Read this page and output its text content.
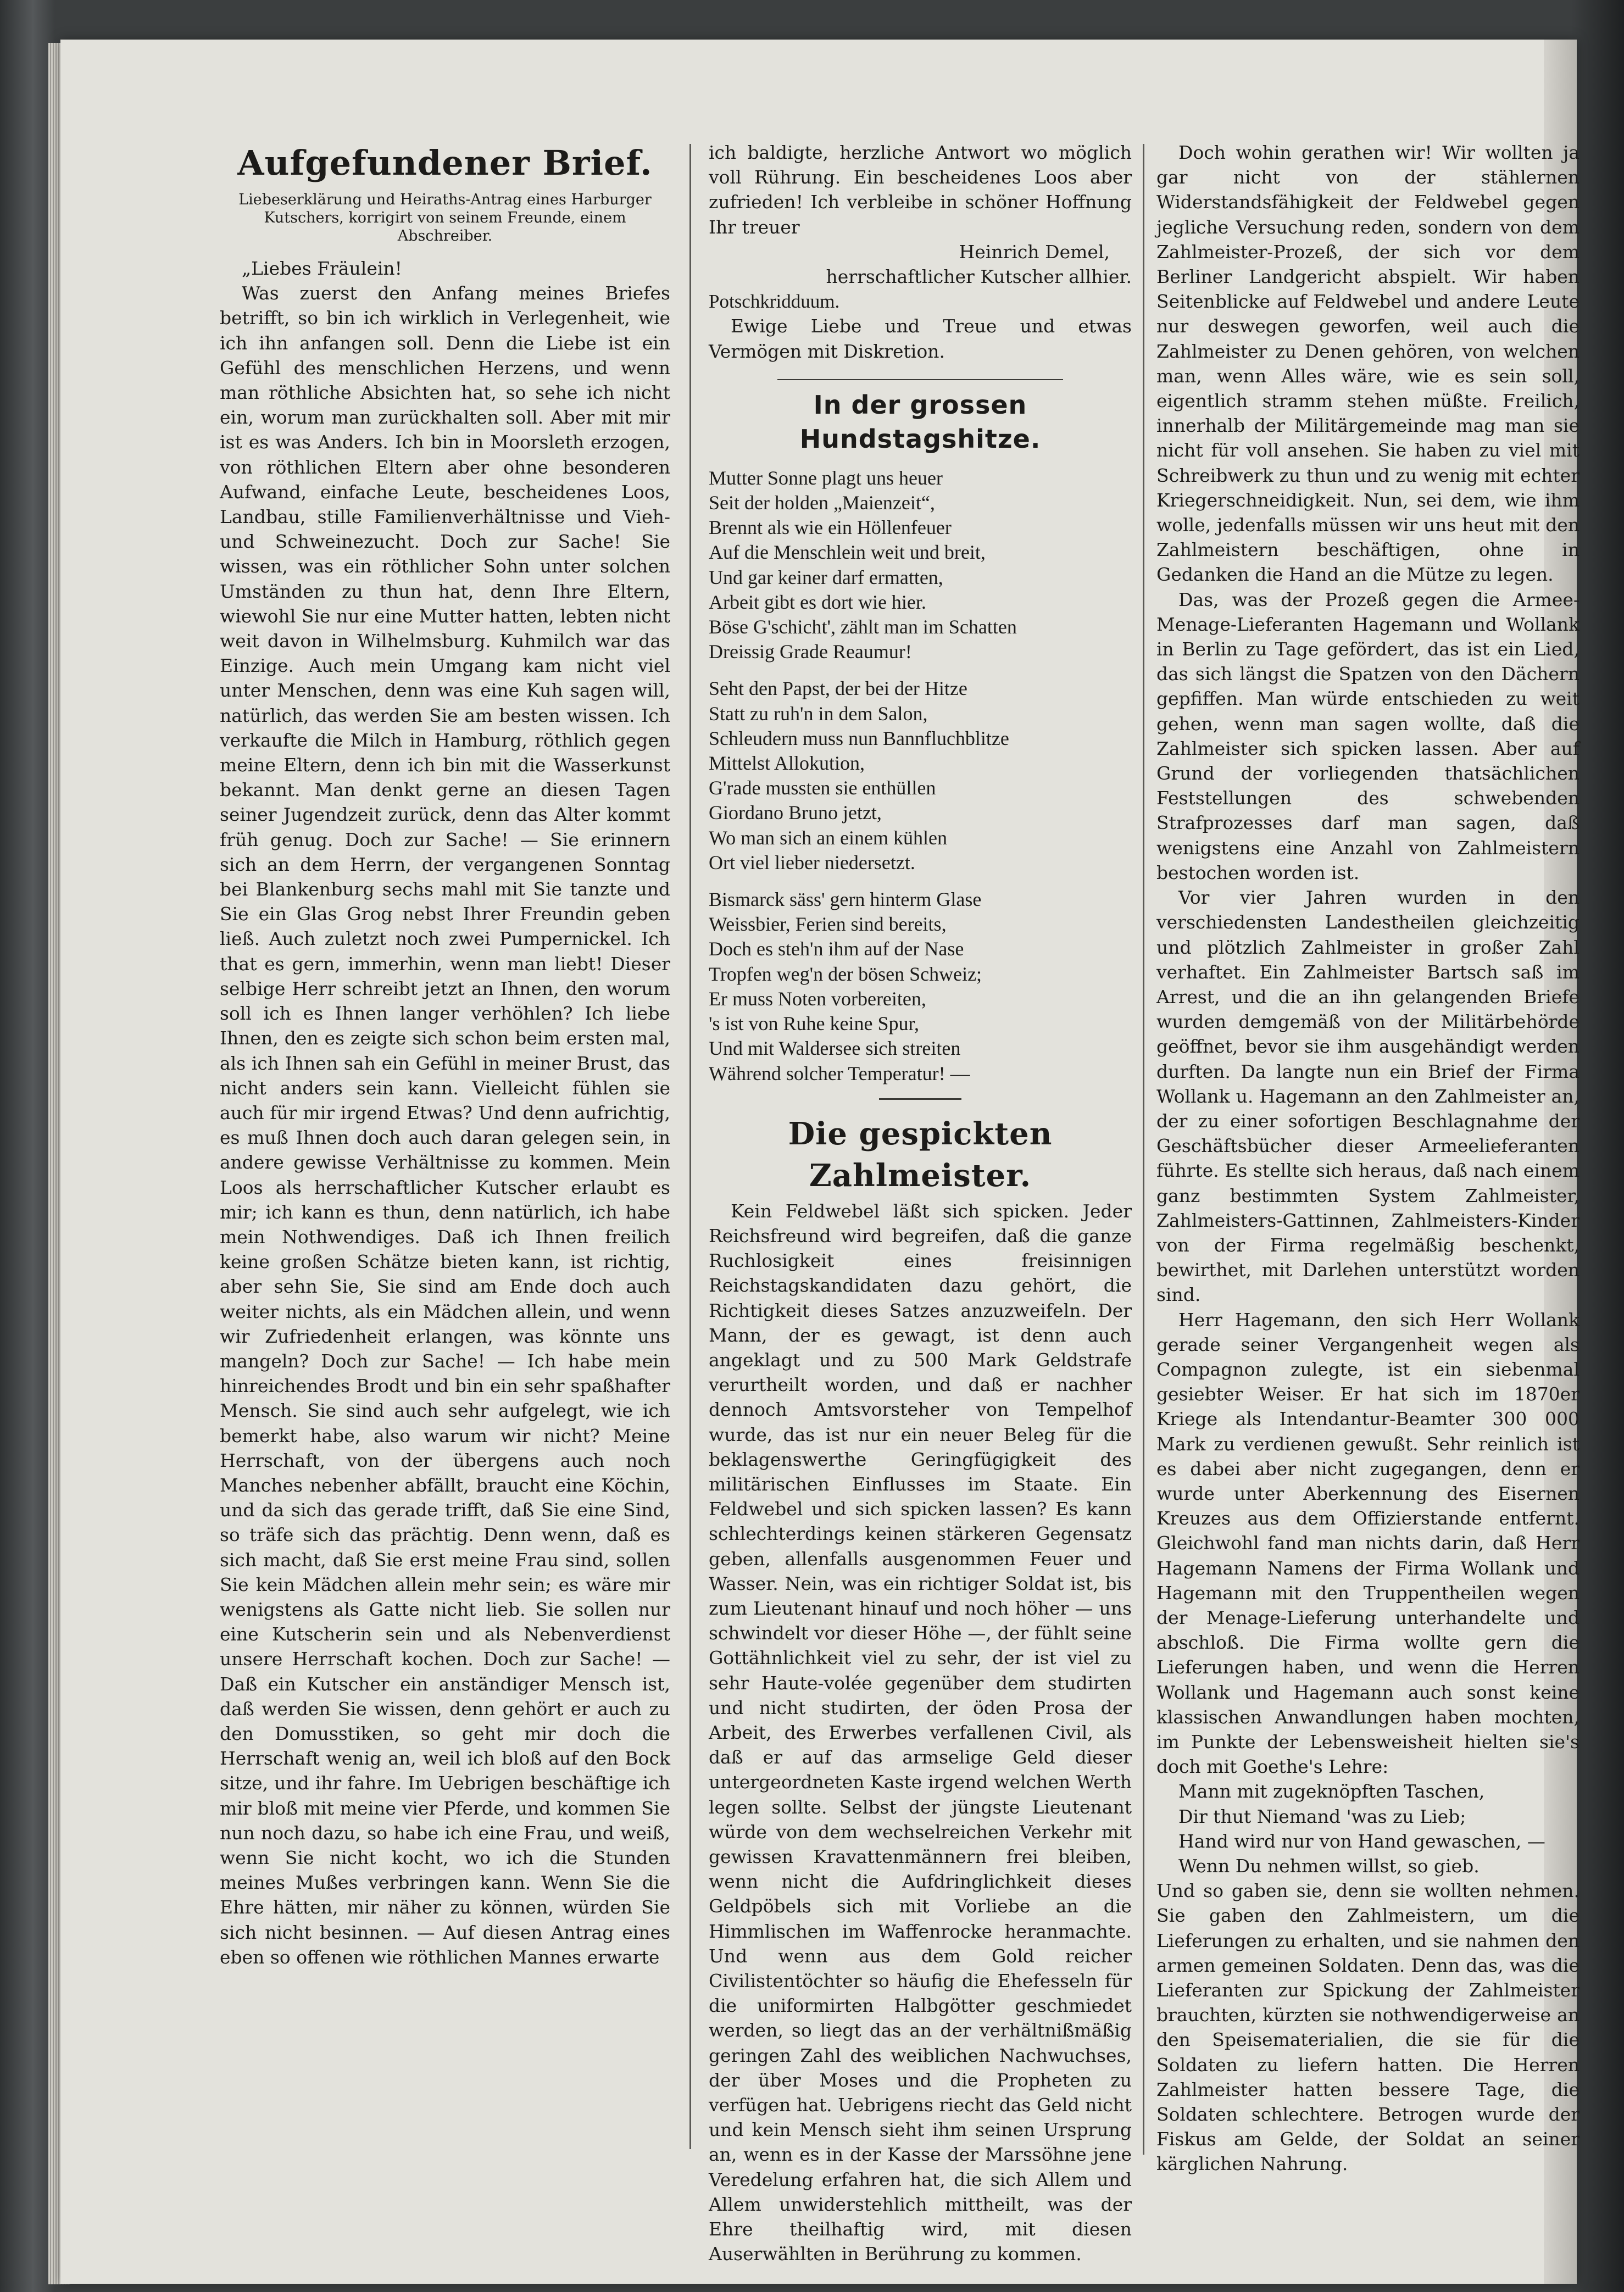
Aufgefundener Brief.
Liebeserklärung und Heiraths-Antrag eines Harburger Kutschers, korrigirt von seinem Freunde, einem Abschreiber.

„Liebes Fräulein!

Was zuerst den Anfang meines Briefes betrifft, so bin ich wirklich in Verlegenheit, wie ich ihn anfangen soll. Denn die Liebe ist ein Gefühl des menschlichen Herzens, und wenn man röthliche Absichten hat, so sehe ich nicht ein, worum man zurückhalten soll. Aber mit mir ist es was Anders. Ich bin in Moorsleth erzogen, von röthlichen Eltern aber ohne besonderen Aufwand, einfache Leute, bescheidenes Loos, Landbau, stille Familienverhältnisse und Vieh- und Schweinezucht. Doch zur Sache! Sie wissen, was ein röthlicher Sohn unter solchen Umständen zu thun hat, denn Ihre Eltern, wiewohl Sie nur eine Mutter hatten, lebten nicht weit davon in Wilhelmsburg. Kuhmilch war das Einzige. Auch mein Umgang kam nicht viel unter Menschen, denn was eine Kuh sagen will, natürlich, das werden Sie am besten wissen. Ich verkaufte die Milch in Hamburg, röthlich gegen meine Eltern, denn ich bin mit die Wasserkunst bekannt. Man denkt gerne an diesen Tagen seiner Jugendzeit zurück, denn das Alter kommt früh genug. Doch zur Sache! — Sie erinnern sich an dem Herrn, der vergangenen Sonntag bei Blankenburg sechs mahl mit Sie tanzte und Sie ein Glas Grog nebst Ihrer Freundin geben ließ. Auch zuletzt noch zwei Pumpernickel. Ich that es gern, immerhin, wenn man liebt! Dieser selbige Herr schreibt jetzt an Ihnen, den worum soll ich es Ihnen langer verhöhlen? Ich liebe Ihnen, den es zeigte sich schon beim ersten mal, als ich Ihnen sah ein Gefühl in meiner Brust, das nicht anders sein kann. Vielleicht fühlen sie auch für mir irgend Etwas? Und denn aufrichtig, es muß Ihnen doch auch daran gelegen sein, in andere gewisse Verhältnisse zu kommen. Mein Loos als herrschaftlicher Kutscher erlaubt es mir; ich kann es thun, denn natürlich, ich habe mein Nothwendiges. Daß ich Ihnen freilich keine großen Schätze bieten kann, ist richtig, aber sehn Sie, Sie sind am Ende doch auch weiter nichts, als ein Mädchen allein, und wenn wir Zufriedenheit erlangen, was könnte uns mangeln? Doch zur Sache! — Ich habe mein hinreichendes Brodt und bin ein sehr spaßhafter Mensch. Sie sind auch sehr aufgelegt, wie ich bemerkt habe, also warum wir nicht? Meine Herrschaft, von der übergens auch noch Manches nebenher abfällt, braucht eine Köchin, und da sich das gerade trifft, daß Sie eine Sind, so träfe sich das prächtig. Denn wenn, daß es sich macht, daß Sie erst meine Frau sind, sollen Sie kein Mädchen allein mehr sein; es wäre mir wenigstens als Gatte nicht lieb. Sie sollen nur eine Kutscherin sein und als Nebenverdienst unsere Herrschaft kochen. Doch zur Sache! — Daß ein Kutscher ein anständiger Mensch ist, daß werden Sie wissen, denn gehört er auch zu den Domusstiken, so geht mir doch die Herrschaft wenig an, weil ich bloß auf den Bock sitze, und ihr fahre. Im Uebrigen beschäftige ich mir bloß mit meine vier Pferde, und kommen Sie nun noch dazu, so habe ich eine Frau, und weiß, wenn Sie nicht kocht, wo ich die Stunden meines Mußes verbringen kann. Wenn Sie die Ehre hätten, mir näher zu können, würden Sie sich nicht besinnen. — Auf diesen Antrag eines eben so offenen wie röthlichen Mannes erwarte

ich baldigte, herzliche Antwort wo möglich voll Rührung. Ein bescheidenes Loos aber zufrieden! Ich verbleibe in schöner Hoffnung Ihr treuer

Heinrich Demel,
herrschaftlicher Kutscher allhier.
Potschkridduum.

Ewige Liebe und Treue und etwas Vermögen mit Diskretion.

In der grossen Hundstagshitze.
Mutter Sonne plagt uns heuer
Seit der holden „Maienzeit“,
Brennt als wie ein Höllenfeuer
Auf die Menschlein weit und breit,
Und gar keiner darf ermatten,
Arbeit gibt es dort wie hier.
Böse G'schicht', zählt man im Schatten
Dreissig Grade Reaumur!
Seht den Papst, der bei der Hitze
Statt zu ruh'n in dem Salon,
Schleudern muss nun Bannfluchblitze
Mittelst Allokution,
G'rade mussten sie enthüllen
Giordano Bruno jetzt,
Wo man sich an einem kühlen
Ort viel lieber niedersetzt.
Bismarck säss' gern hinterm Glase
Weissbier, Ferien sind bereits,
Doch es steh'n ihm auf der Nase
Tropfen weg'n der bösen Schweiz;
Er muss Noten vorbereiten,
's ist von Ruhe keine Spur,
Und mit Waldersee sich streiten
Während solcher Temperatur! —
Die gespickten Zahlmeister.

Kein Feldwebel läßt sich spicken. Jeder Reichsfreund wird begreifen, daß die ganze Ruchlosigkeit eines freisinnigen Reichstagskandidaten dazu gehört, die Richtigkeit dieses Satzes anzuzweifeln. Der Mann, der es gewagt, ist denn auch angeklagt und zu 500 Mark Geldstrafe verurtheilt worden, und daß er nachher dennoch Amtsvorsteher von Tempelhof wurde, das ist nur ein neuer Beleg für die beklagenswerthe Geringfügigkeit des militärischen Einflusses im Staate. Ein Feldwebel und sich spicken lassen? Es kann schlechterdings keinen stärkeren Gegensatz geben, allenfalls ausgenommen Feuer und Wasser. Nein, was ein richtiger Soldat ist, bis zum Lieutenant hinauf und noch höher — uns schwindelt vor dieser Höhe —, der fühlt seine Gottähnlichkeit viel zu sehr, der ist viel zu sehr Haute-volée gegenüber dem studirten und nicht studirten, der öden Prosa der Arbeit, des Erwerbes verfallenen Civil, als daß er auf das armselige Geld dieser untergeordneten Kaste irgend welchen Werth legen sollte. Selbst der jüngste Lieutenant würde von dem wechselreichen Verkehr mit gewissen Kravattenmännern frei bleiben, wenn nicht die Aufdringlichkeit dieses Geldpöbels sich mit Vorliebe an die Himmlischen im Waffenrocke heranmachte. Und wenn aus dem Gold reicher Civilistentöchter so häufig die Ehefesseln für die uniformirten Halbgötter geschmiedet werden, so liegt das an der verhältnißmäßig geringen Zahl des weiblichen Nachwuchses, der über Moses und die Propheten zu verfügen hat. Uebrigens riecht das Geld nicht und kein Mensch sieht ihm seinen Ursprung an, wenn es in der Kasse der Marssöhne jene Veredelung erfahren hat, die sich Allem und Allem unwiderstehlich mittheilt, was der Ehre theilhaftig wird, mit diesen Auserwählten in Berührung zu kommen.

Doch wohin gerathen wir! Wir wollten ja gar nicht von der stählernen Widerstandsfähigkeit der Feldwebel gegen jegliche Versuchung reden, sondern von dem Zahlmeister-Prozeß, der sich vor dem Berliner Landgericht abspielt. Wir haben Seitenblicke auf Feldwebel und andere Leute nur deswegen geworfen, weil auch die Zahlmeister zu Denen gehören, von welchen man, wenn Alles wäre, wie es sein soll, eigentlich stramm stehen müßte. Freilich, innerhalb der Militärgemeinde mag man sie nicht für voll ansehen. Sie haben zu viel mit Schreibwerk zu thun und zu wenig mit echter Kriegerschneidigkeit. Nun, sei dem, wie ihm wolle, jedenfalls müssen wir uns heut mit den Zahlmeistern beschäftigen, ohne in Gedanken die Hand an die Mütze zu legen.

Das, was der Prozeß gegen die Armee-Menage-Lieferanten Hagemann und Wollank in Berlin zu Tage gefördert, das ist ein Lied, das sich längst die Spatzen von den Dächern gepfiffen. Man würde entschieden zu weit gehen, wenn man sagen wollte, daß die Zahlmeister sich spicken lassen. Aber auf Grund der vorliegenden thatsächlichen Feststellungen des schwebenden Strafprozesses darf man sagen, daß wenigstens eine Anzahl von Zahlmeistern bestochen worden ist.

Vor vier Jahren wurden in den verschiedensten Landestheilen gleichzeitig und plötzlich Zahlmeister in großer Zahl verhaftet. Ein Zahlmeister Bartsch saß im Arrest, und die an ihn gelangenden Briefe wurden demgemäß von der Militärbehörde geöffnet, bevor sie ihm ausgehändigt werden durften. Da langte nun ein Brief der Firma Wollank u. Hagemann an den Zahlmeister an, der zu einer sofortigen Beschlagnahme der Geschäftsbücher dieser Armeelieferanten führte. Es stellte sich heraus, daß nach einem ganz bestimmten System Zahlmeister, Zahlmeisters-Gattinnen, Zahlmeisters-Kinder von der Firma regelmäßig beschenkt, bewirthet, mit Darlehen unterstützt worden sind.

Herr Hagemann, den sich Herr Wollank gerade seiner Vergangenheit wegen als Compagnon zulegte, ist ein siebenmal gesiebter Weiser. Er hat sich im 1870er Kriege als Intendantur-Beamter 300 000 Mark zu verdienen gewußt. Sehr reinlich ist es dabei aber nicht zugegangen, denn er wurde unter Aberkennung des Eisernen Kreuzes aus dem Offizierstande entfernt. Gleichwohl fand man nichts darin, daß Herr Hagemann Namens der Firma Wollank und Hagemann mit den Truppentheilen wegen der Menage-Lieferung unterhandelte und abschloß. Die Firma wollte gern die Lieferungen haben, und wenn die Herren Wollank und Hagemann auch sonst keine klassischen Anwandlungen haben mochten, im Punkte der Lebensweisheit hielten sie's doch mit Goethe's Lehre:

Mann mit zugeknöpften Taschen,
Dir thut Niemand 'was zu Lieb;
Hand wird nur von Hand gewaschen, —
Wenn Du nehmen willst, so gieb.

Und so gaben sie, denn sie wollten nehmen. Sie gaben den Zahlmeistern, um die Lieferungen zu erhalten, und sie nahmen den armen gemeinen Soldaten. Denn das, was die Lieferanten zur Spickung der Zahlmeister brauchten, kürzten sie nothwendigerweise an den Speisematerialien, die sie für die Soldaten zu liefern hatten. Die Herren Zahlmeister hatten bessere Tage, die Soldaten schlechtere. Betrogen wurde der Fiskus am Gelde, der Soldat an seiner kärglichen Nahrung.
